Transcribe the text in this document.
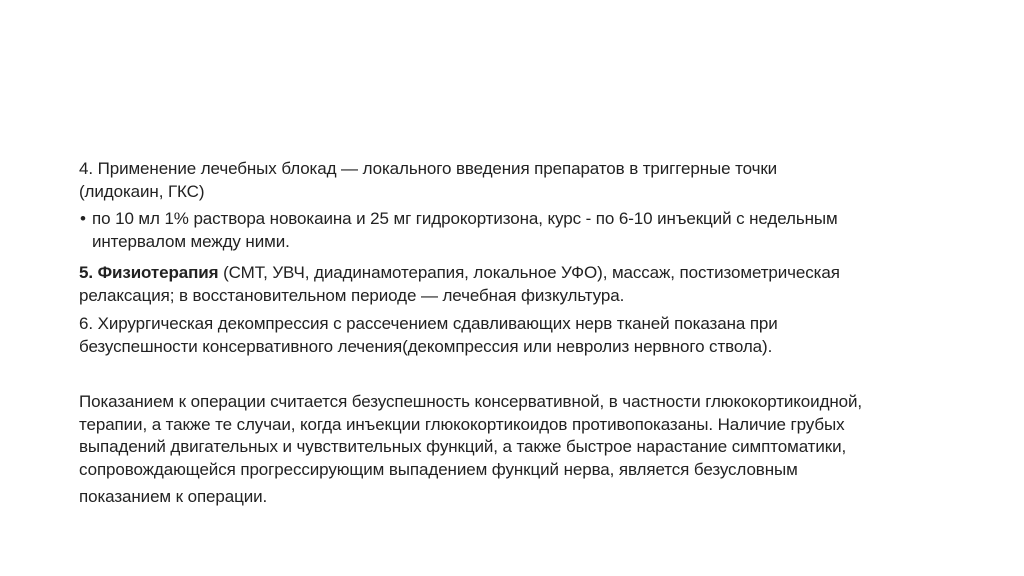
4. Применение лечебных блокад — локального введения препаратов в триггерные точки
(лидокаин, ГКС)

• по 10 мл 1% раствора новокаина и 25 мг гидрокортизона, курс - по 6-10 инъекций с недельным
интервалом между ними.

5. Физиотерапия (СМТ, УВЧ, диадинамотерапия, локальное УФО), массаж, постизометрическая
релаксация; в восстановительном периоде — лечебная физкультура.

6. Хирургическая декомпрессия с рассечением сдавливающих нерв тканей показана при
безуспешности консервативного лечения(декомпрессия или невролиз нервного ствола).

Показанием к операции считается безуспешность консервативной, в частности глюкокортикоидной,
терапии, а также те случаи, когда инъекции глюкокортикоидов противопоказаны. Наличие грубых
выпадений двигательных и чувствительных функций, а также быстрое нарастание симптоматики,
сопровождающейся прогрессирующим выпадением функций нерва, является безусловным

показанием к операции.
